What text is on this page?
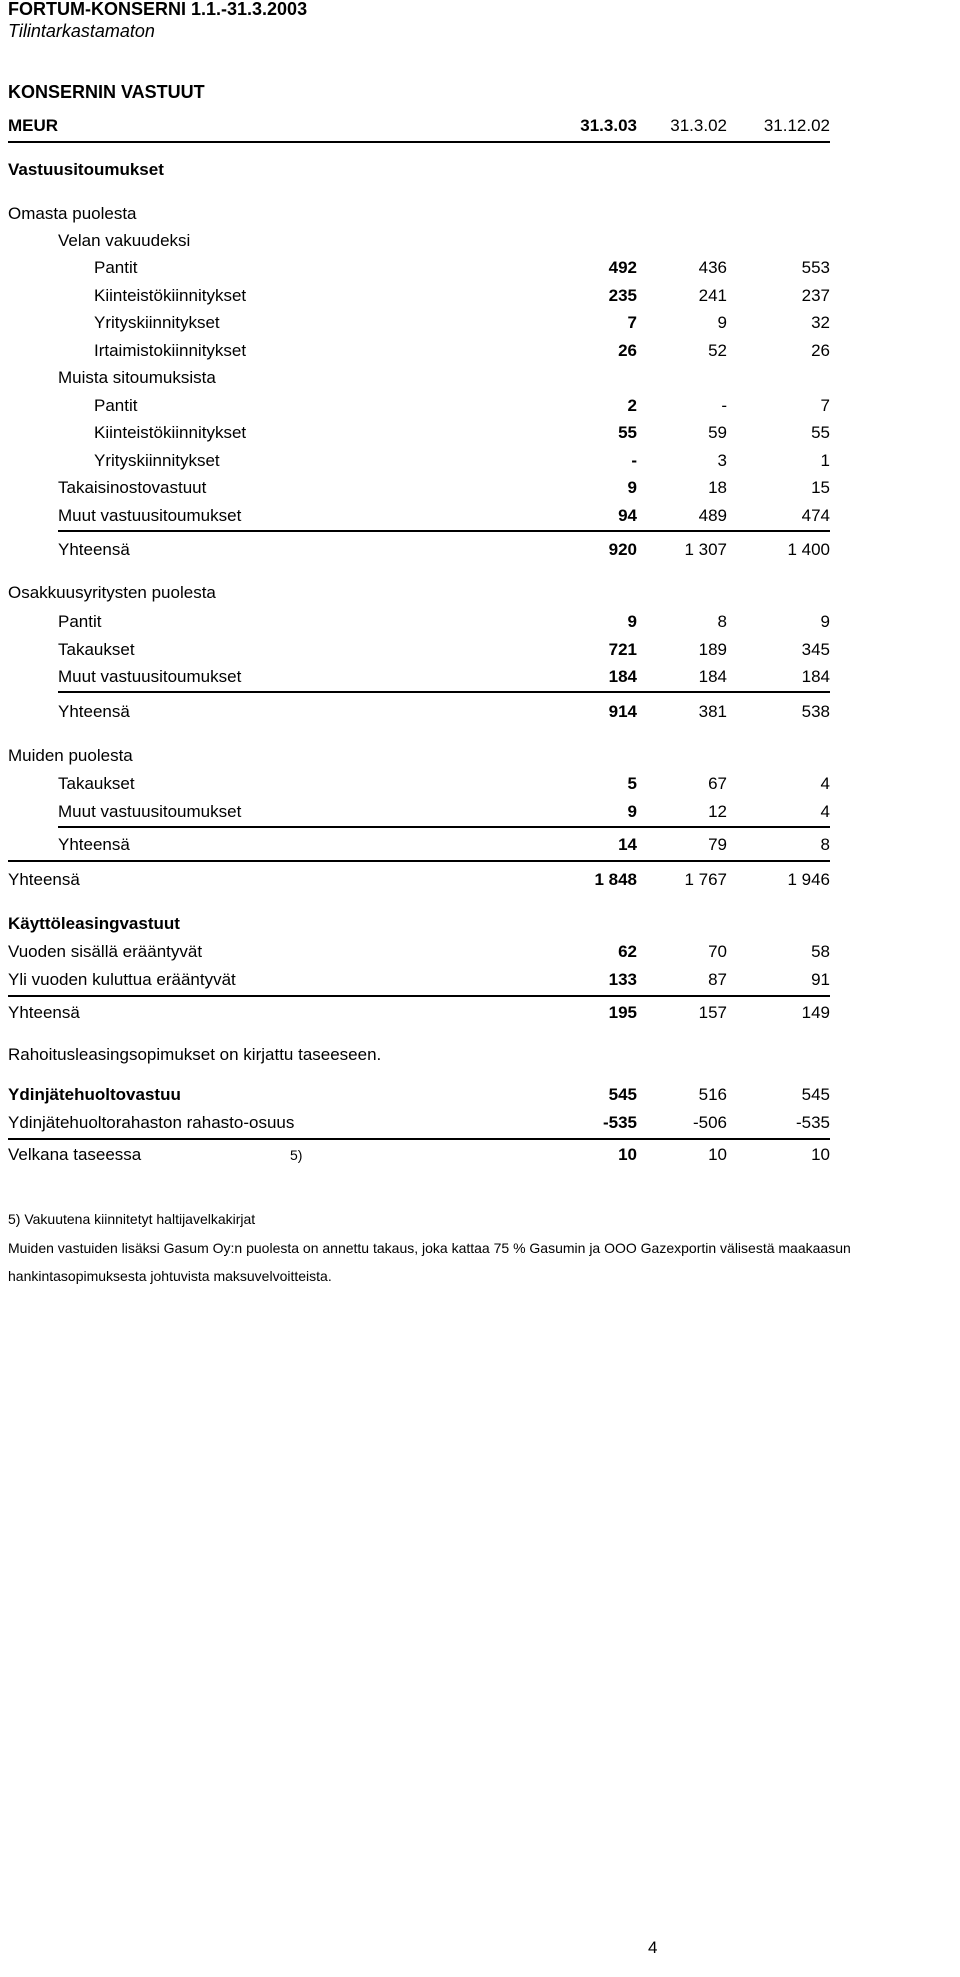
FORTUM-KONSERNI 1.1.-31.3.2003
Tilintarkastamaton
KONSERNIN VASTUUT
MEUR	31.3.03	31.3.02	31.12.02
Vastuusitoumukset
Omasta puolesta
Velan vakuudeksi
Pantit	492	436	553
Kiinteistökiinnitykset	235	241	237
Yrityskiinnitykset	7	9	32
Irtaimistokiinnitykset	26	52	26
Muista sitoumuksista
Pantit	2	-	7
Kiinteistökiinnitykset	55	59	55
Yrityskiinnitykset	-	3	1
Takaisinostovastuut	9	18	15
Muut vastuusitoumukset	94	489	474
Yhteensä	920	1 307	1 400
Osakkuusyritysten puolesta
Pantit	9	8	9
Takaukset	721	189	345
Muut vastuusitoumukset	184	184	184
Yhteensä	914	381	538
Muiden puolesta
Takaukset	5	67	4
Muut vastuusitoumukset	9	12	4
Yhteensä	14	79	8
Yhteensä	1 848	1 767	1 946
Käyttöleasingvastuut
Vuoden sisällä erääntyvät	62	70	58
Yli vuoden kuluttua erääntyvät	133	87	91
Yhteensä	195	157	149
Rahoitusleasingsopimukset on kirjattu taseeseen.
Ydinjätehuoltovastuu	545	516	545
Ydinjätehuoltorahaston rahasto-osuus	-535	-506	-535
Velkana taseessa	5)	10	10	10
5) Vakuutena kiinnitetyt haltijavelkakirjat
Muiden vastuiden lisäksi Gasum Oy:n puolesta on annettu takaus, joka kattaa 75 % Gasumin ja OOO Gazexportin välisestä maakaasun
hankintasopimuksesta johtuvista maksuvelvoitteista.
4
